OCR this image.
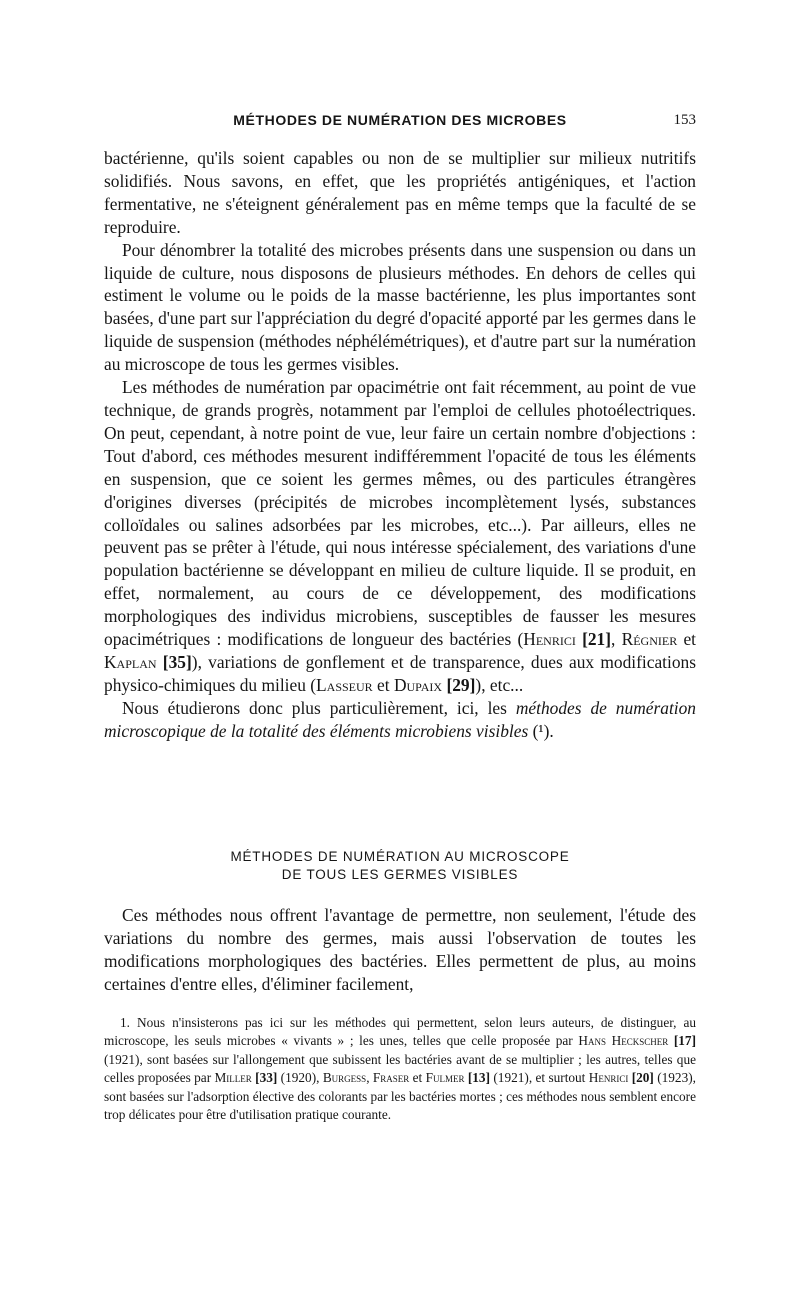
MÉTHODES DE NUMÉRATION DES MICROBES	153

bactérienne, qu'ils soient capables ou non de se multiplier sur milieux nutritifs solidifiés. Nous savons, en effet, que les propriétés antigéniques, et l'action fermentative, ne s'éteignent généralement pas en même temps que la faculté de se reproduire.

Pour dénombrer la totalité des microbes présents dans une suspension ou dans un liquide de culture, nous disposons de plusieurs méthodes. En dehors de celles qui estiment le volume ou le poids de la masse bactérienne, les plus importantes sont basées, d'une part sur l'appréciation du degré d'opacité apporté par les germes dans le liquide de suspension (méthodes néphélémétriques), et d'autre part sur la numération au microscope de tous les germes visibles.

Les méthodes de numération par opacimétrie ont fait récemment, au point de vue technique, de grands progrès, notamment par l'emploi de cellules photoélectriques. On peut, cependant, à notre point de vue, leur faire un certain nombre d'objections : Tout d'abord, ces méthodes mesurent indifféremment l'opacité de tous les éléments en suspension, que ce soient les germes mêmes, ou des particules étrangères d'origines diverses (précipités de microbes incomplètement lysés, substances colloïdales ou salines adsorbées par les microbes, etc...). Par ailleurs, elles ne peuvent pas se prêter à l'étude, qui nous intéresse spécialement, des variations d'une population bactérienne se développant en milieu de culture liquide. Il se produit, en effet, normalement, au cours de ce développement, des modifications morphologiques des individus microbiens, susceptibles de fausser les mesures opacimétriques : modifications de longueur des bactéries (Henrici [21], Régnier et Kaplan [35]), variations de gonflement et de transparence, dues aux modifications physico-chimiques du milieu (Lasseur et Dupaix [29]), etc...

Nous étudierons donc plus particulièrement, ici, les méthodes de numération microscopique de la totalité des éléments microbiens visibles (¹).

MÉTHODES DE NUMÉRATION AU MICROSCOPE
DE TOUS LES GERMES VISIBLES

Ces méthodes nous offrent l'avantage de permettre, non seulement, l'étude des variations du nombre des germes, mais aussi l'observation de toutes les modifications morphologiques des bactéries. Elles permettent de plus, au moins certaines d'entre elles, d'éliminer facilement,

1. Nous n'insisterons pas ici sur les méthodes qui permettent, selon leurs auteurs, de distinguer, au microscope, les seuls microbes « vivants » ; les unes, telles que celle proposée par Hans Heckscher [17] (1921), sont basées sur l'allongement que subissent les bactéries avant de se multiplier ; les autres, telles que celles proposées par Miller [33] (1920), Burgess, Fraser et Fulmer [13] (1921), et surtout Henrici [20] (1923), sont basées sur l'adsorption élective des colorants par les bactéries mortes ; ces méthodes nous semblent encore trop délicates pour être d'utilisation pratique courante.
